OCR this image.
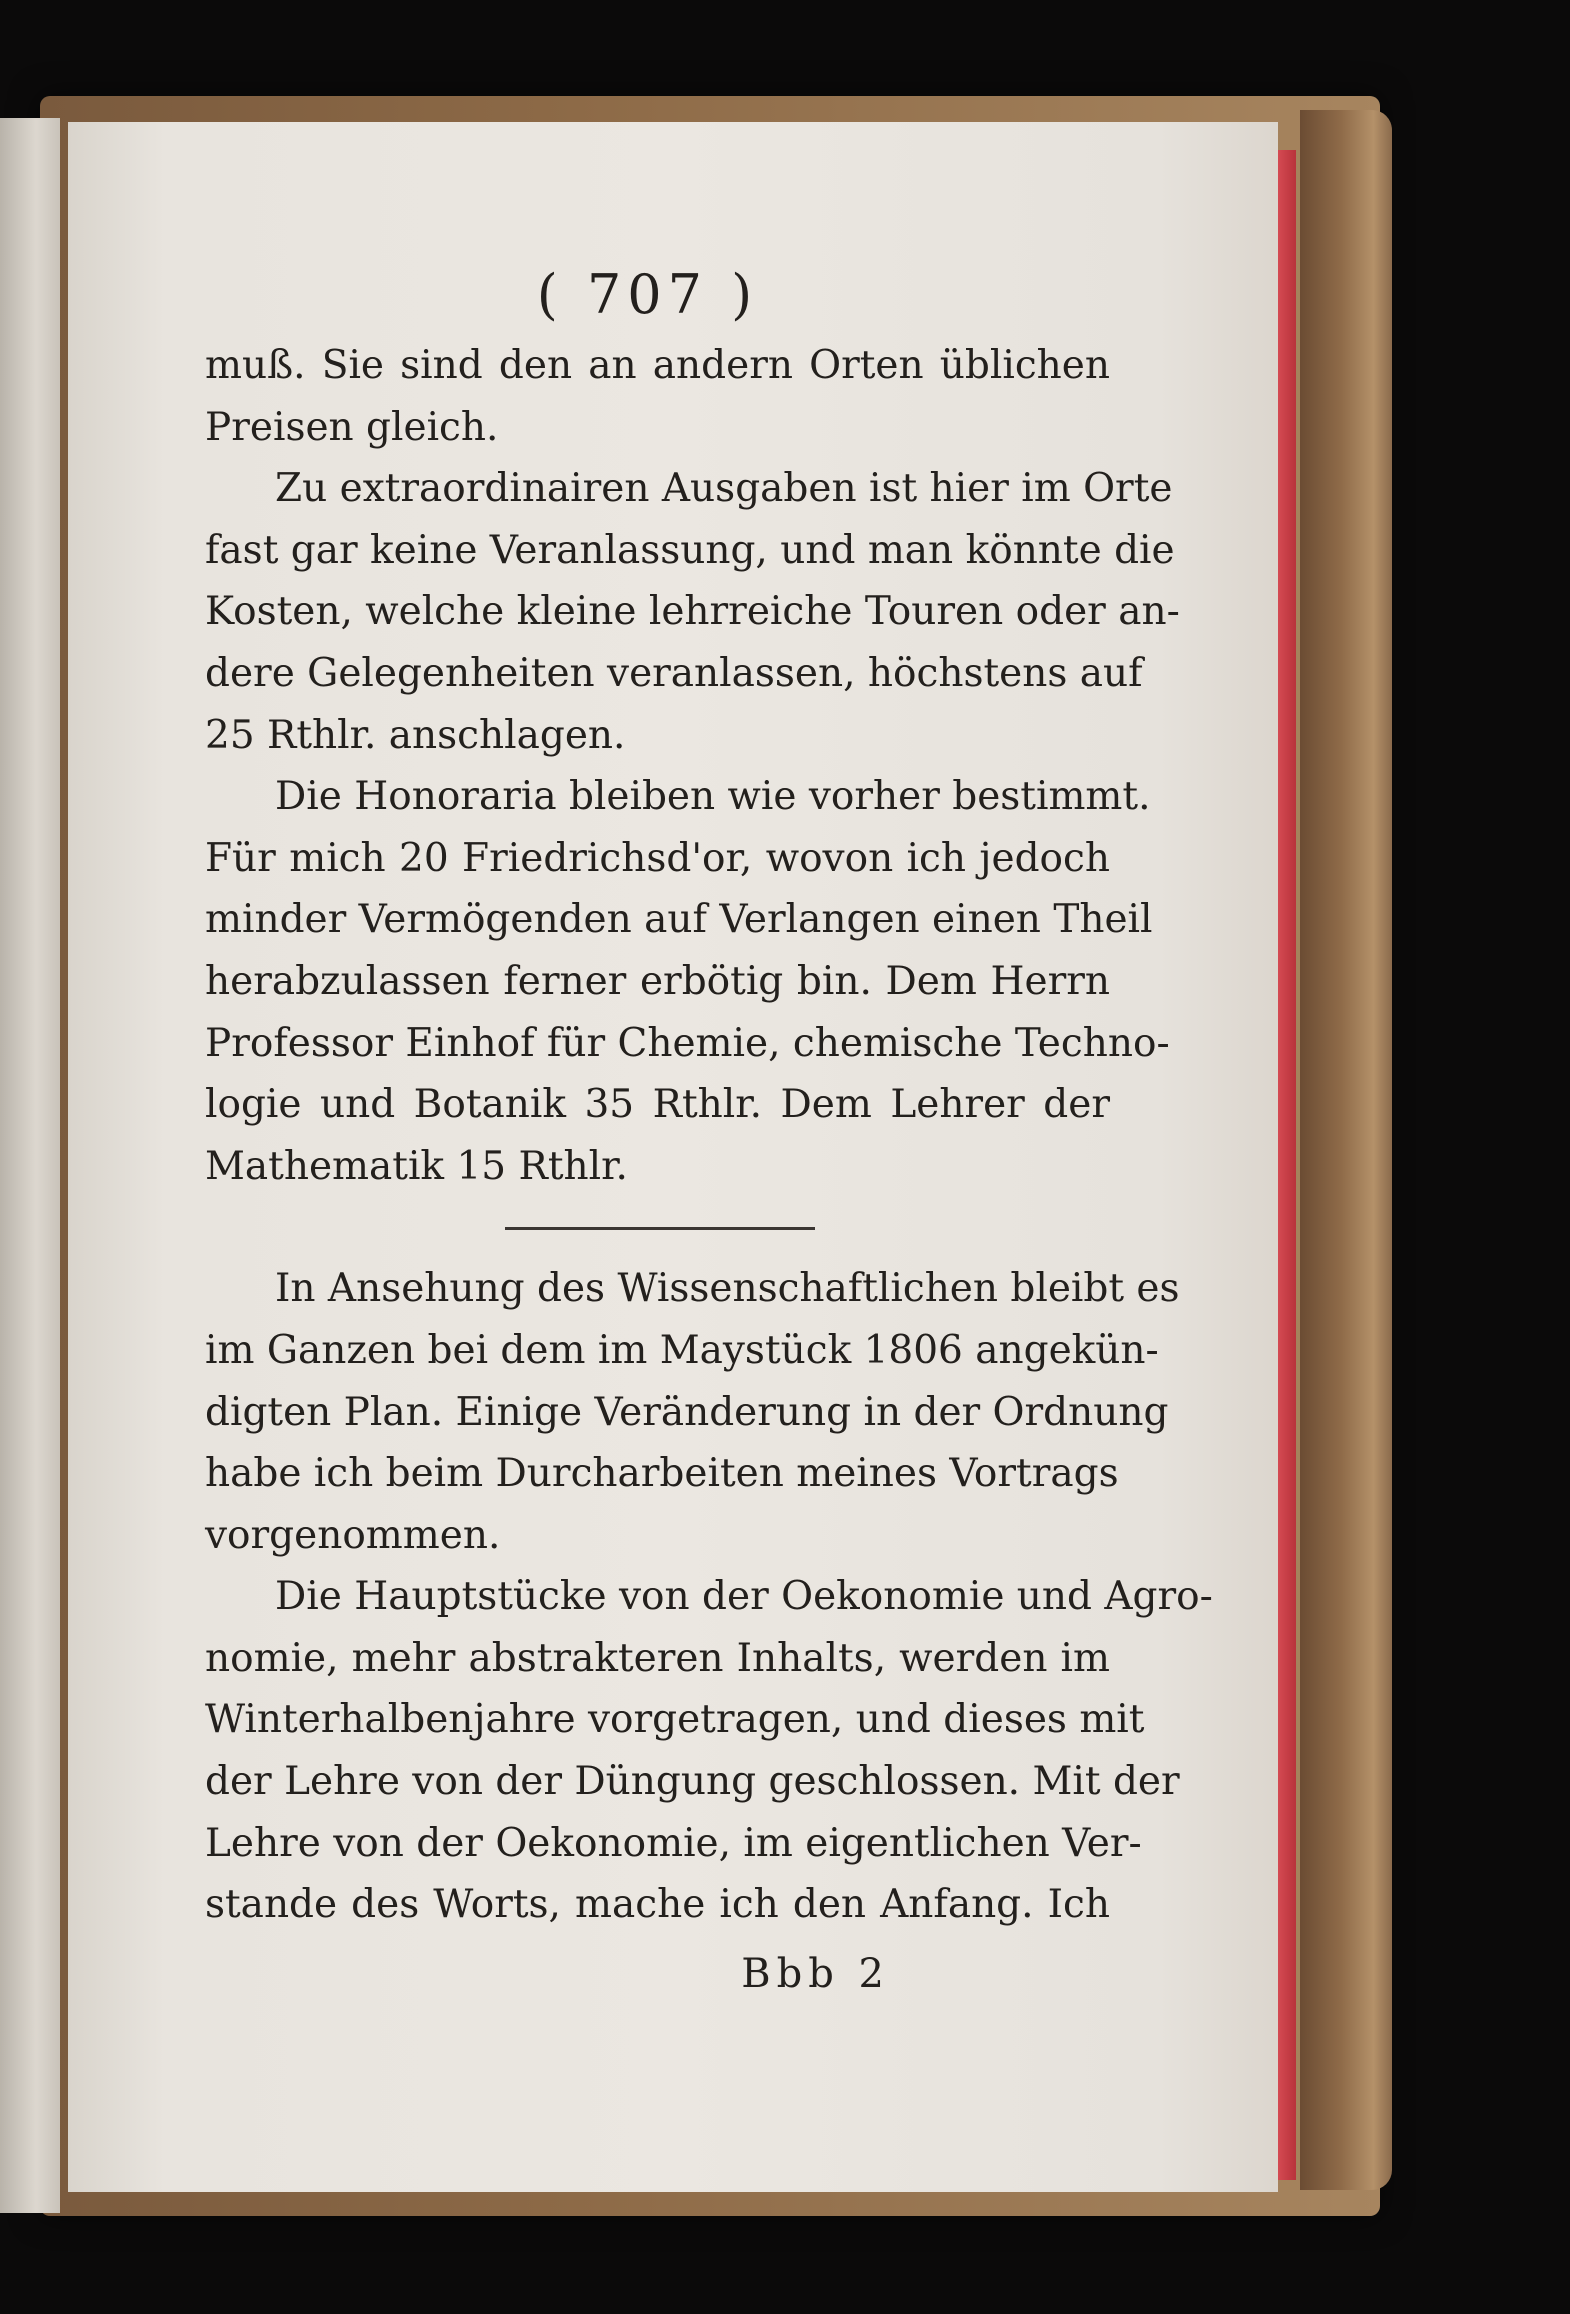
( 707 )
muß. Sie sind den an andern Orten üblichen
Preisen gleich.
Zu extraordinairen Ausgaben ist hier im Orte
fast gar keine Veranlassung, und man könnte die
Kosten, welche kleine lehrreiche Touren oder an-
dere Gelegenheiten veranlassen, höchstens auf
25 Rthlr. anschlagen.
Die Honoraria bleiben wie vorher bestimmt.
Für mich 20 Friedrichsd'or, wovon ich jedoch
minder Vermögenden auf Verlangen einen Theil
herabzulassen ferner erbötig bin. Dem Herrn
Professor Einhof für Chemie, chemische Techno-
logie und Botanik 35 Rthlr. Dem Lehrer der
Mathematik 15 Rthlr.
In Ansehung des Wissenschaftlichen bleibt es
im Ganzen bei dem im Maystück 1806 angekün-
digten Plan. Einige Veränderung in der Ordnung
habe ich beim Durcharbeiten meines Vortrags
vorgenommen.
Die Hauptstücke von der Oekonomie und Agro-
nomie, mehr abstrakteren Inhalts, werden im
Winterhalbenjahre vorgetragen, und dieses mit
der Lehre von der Düngung geschlossen. Mit der
Lehre von der Oekonomie, im eigentlichen Ver-
stande des Worts, mache ich den Anfang. Ich
Bbb 2
